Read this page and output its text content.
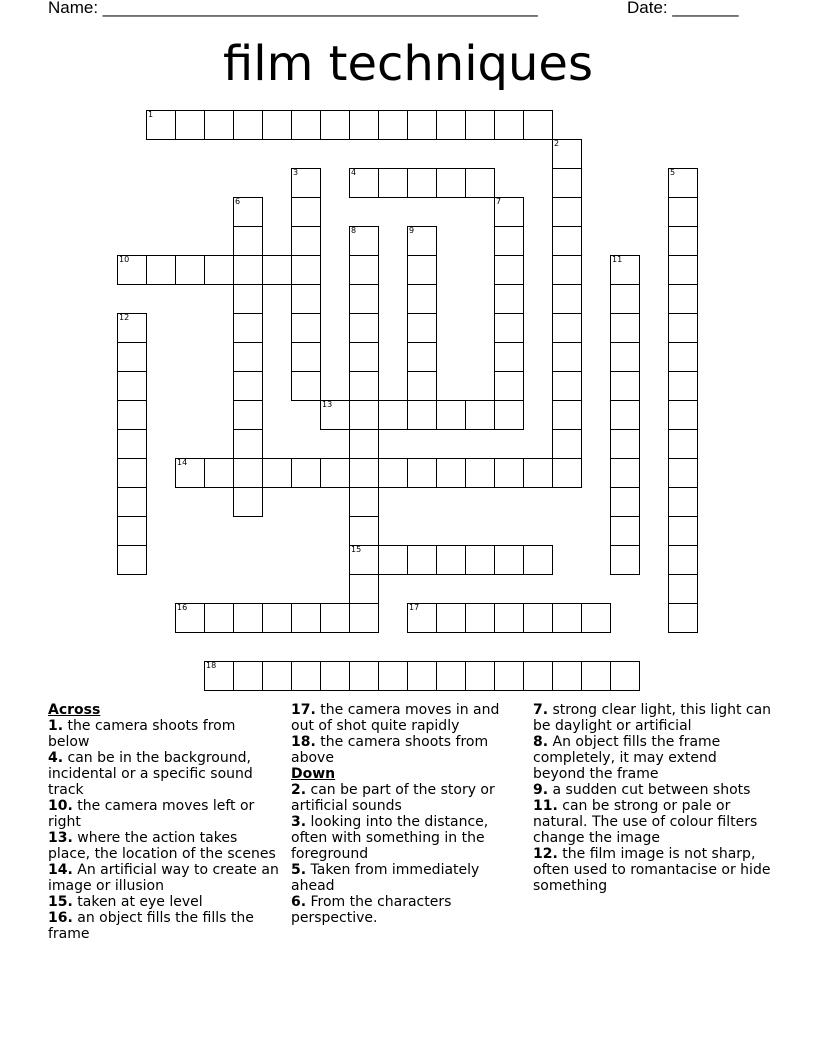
Name: ______________________________________________	Date: _______
film techniques
1
2
3	4	5
6	7
8
15
9
10	11
12
13
14
16	17
18
Across
1. the camera shoots from below
4. can be in the background, incidental or a specific sound track
10. the camera moves left or right
13. where the action takes place, the location of the scenes
14. An artificial way to create an image or illusion
15. taken at eye level
16. an object fills the fills the frame
17. the camera moves in and out of shot quite rapidly
18. the camera shoots from above
Down
2. can be part of the story or artificial sounds
3. looking into the distance, often with something in the foreground
5. Taken from immediately ahead
6. From the characters perspective.
7. strong clear light, this light can be daylight or artificial
8. An object fills the frame completely, it may extend beyond the frame
9. a sudden cut between shots
11. can be strong or pale or natural. The use of colour filters change the image
12. the film image is not sharp, often used to romantacise or hide something
